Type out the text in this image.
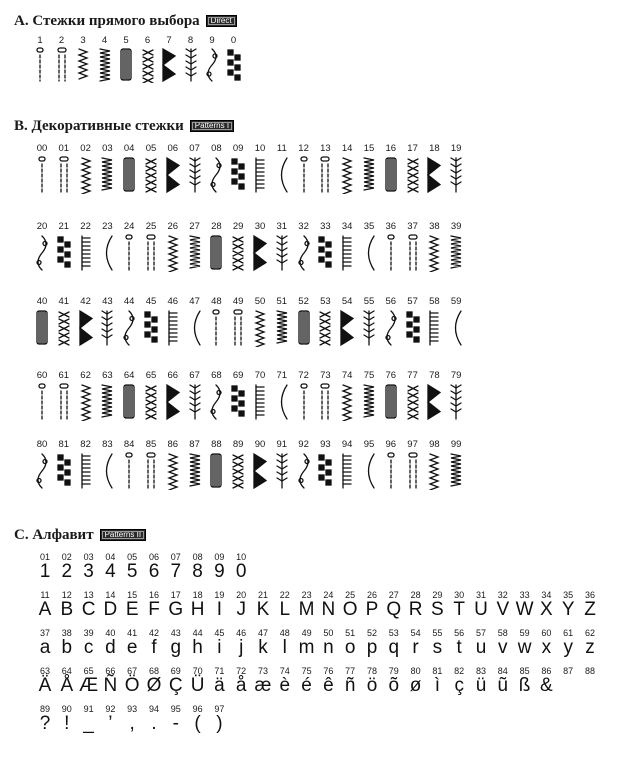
А. Стежки прямого выбора Direct
1	2	3	4	5	6	7	8	9	0
В. Декоративные стежки Patterns I
00	01	02	03	04	05	06	07	08	09	10	11	12	13	14	15	16	17	18	19
20	21	22	23	24	25	26	27	28	29	30	31	32	33	34	35	36	37	38	39
40	41	42	43	44	45	46	47	48	49	50	51	52	53	54	55	56	57	58	59
60	61	62	63	64	65	66	67	68	69	70	71	72	73	74	75	76	77	78	79
80	81	82	83	84	85	86	87	88	89	90	91	92	93	94	95	96	97	98	99
С. Алфавит Patterns II
01	02	03	04	05	06	07	08	09	10
1 2 3 4 5 6 7 8 9 0
11	12	13	14	15	16	17	18	19	20	21	22	23	24	25	26	27	28	29	30	31	32	33	34	35	36
A B C D E F G H I J K L M N O P Q R S T U V W X Y Z
37	38	39	40	41	42	43	44	45	46	47	48	49	50	51	52	53	54	55	56	57	58	59	60	61	62
a b c d e f g h i j k l m n o p q r s t u v w x y z
63	64	65	66	67	68	69	70	71	72	73	74	75	76	77	78	79	80	81	82	83	84	85	86	87	88
Ä Å Æ Ñ Ö Ø Ç Ü ä å æ è é ê ñ ö õ ø ì ç ü ũ ß &
89	90	91	92	93	94	95	96	97
? ! _ ’ , . - ( )
